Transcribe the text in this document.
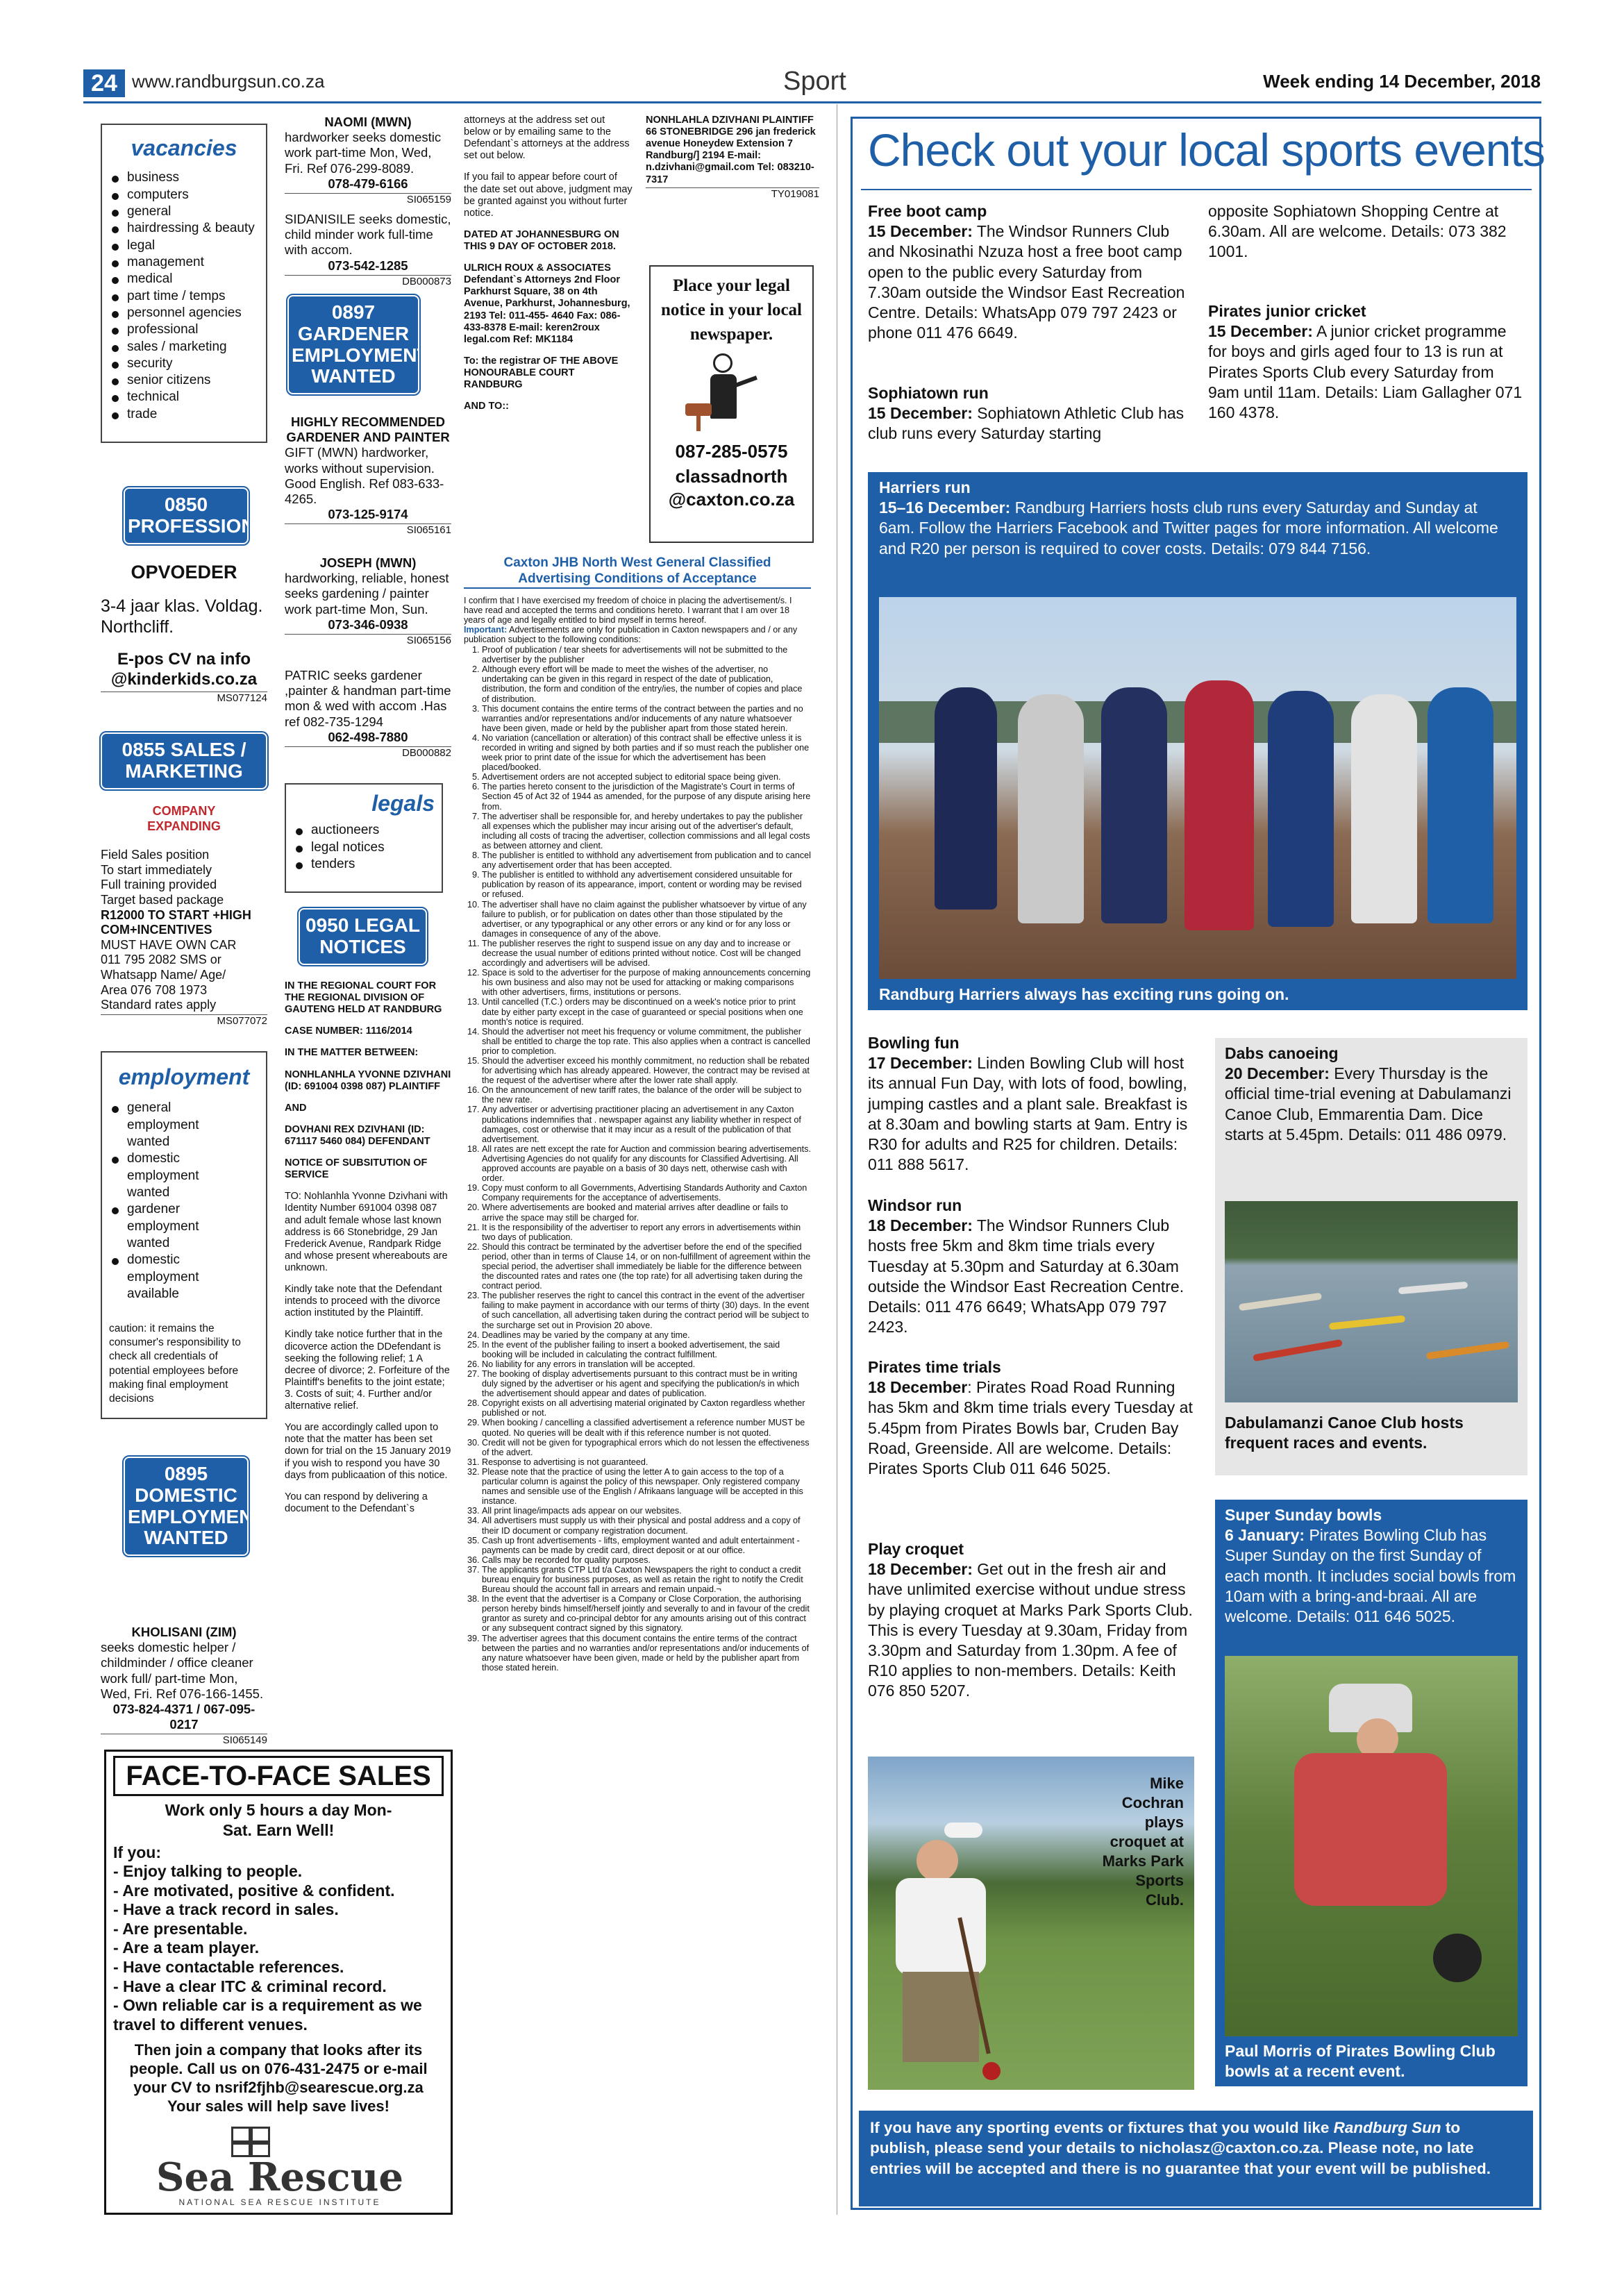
24 www.randburgsun.co.za	Sport	Week ending 14 December, 2018
vacancies
business
computers
general
hairdressing & beauty
legal
management
medical
part time / temps
personnel agencies
professional
sales / marketing
security
senior citizens
technical
trade
0850 PROFESSIONAL
OPVOEDER
3-4 jaar klas. Voldag. Northcliff.
E-pos CV na info @kinderkids.co.za
MS077124
0855 SALES / MARKETING
COMPANY EXPANDING
Field Sales position
To start immediately
Full training provided
Target based package
R12000 TO START +HIGH COM+INCENTIVES
MUST HAVE OWN CAR
011 795 2082 SMS or
Whatsapp Name/ Age/
Area 076 708 1973
Standard rates apply
MS077072
employment
general employment wanted
domestic employment wanted
gardener employment wanted
domestic employment available
caution: it remains the consumer's responsibility to check all credentials of potential employees before making final employment decisions
0895 DOMESTIC EMPLOYMENT WANTED
KHOLISANI (ZIM)
seeks domestic helper / childminder / office cleaner work full/ part-time Mon, Wed, Fri. Ref 076-166-1455.
073-824-4371 / 067-095-0217
SI065149
FACE-TO-FACE SALES
Work only 5 hours a day Mon-Sat. Earn Well!
If you:
- Enjoy talking to people.
- Are motivated, positive & confident.
- Have a track record in sales.
- Are presentable.
- Are a team player.
- Have contactable references.
- Have a clear ITC & criminal record.
- Own reliable car is a requirement as we travel to different venues.
Then join a company that looks after its people. Call us on 076-431-2475 or e-mail your CV to nsrif2fjhb@searescue.org.za
Your sales will help save lives!
Sea Rescue
NATIONAL SEA RESCUE INSTITUTE
NAOMI (MWN)
hardworker seeks domestic work part-time Mon, Wed, Fri. Ref 076-299-8089.
078-479-6166
SI065159
SIDANISILE seeks domestic, child minder work full-time with accom.
073-542-1285
DB000873
0897 GARDENER EMPLOYMENT WANTED
HIGHLY RECOMMENDED GARDENER AND PAINTER
GIFT (MWN) hardworker, works without supervision. Good English. Ref 083-633-4265.
073-125-9174
SI065161
JOSEPH (MWN)
hardworking, reliable, honest seeks gardening / painter work part-time Mon, Sun.
073-346-0938
SI065156
PATRIC seeks gardener ,painter & handman part-time mon & wed with accom .Has ref 082-735-1294
062-498-7880
DB000882
legals
auctioneers
legal notices
tenders
0950 LEGAL NOTICES
IN THE REGIONAL COURT FOR THE REGIONAL DIVISION OF GAUTENG HELD AT RANDBURG
CASE NUMBER: 1116/2014
IN THE MATTER BETWEEN:
NONHLANHLA YVONNE DZIVHANI (ID: 691004 0398 087) PLAINTIFF
AND
DOVHANI REX DZIVHANI (ID: 671117 5460 084) DEFENDANT
NOTICE OF SUBSITUTION OF SERVICE
TO: Nohlanhla Yvonne Dzivhani with Identity Number 691004 0398 087 and adult female whose last known address is 66 Stonebridge, 29 Jan Frederick Avenue, Randpark Ridge and whose present whereabouts are unknown.
Kindly take note that the Defendant intends to proceed with the divorce action instituted by the Plaintiff.
Kindly take notice further that in the dicoverce action the DDefendant is seeking the following relief; 1 A decree of divorce; 2. Forfeiture of the Plaintiff's benefits to the joint estate; 3. Costs of suit; 4. Further and/or alternative relief.
You are accordingly called upon to note that the matter has been set down for trial on the 15 January 2019 if you wish to respond you have 30 days from publicaation of this notice.
You can respond by delivering a document to the Defendant`s
attorneys at the address set out below or by emailing same to the Defendant`s attorneys at the address set out below.
If you fail to appear before court of the date set out above, judgment may be granted against you without furter notice.
DATED AT JOHANNESBURG ON THIS 9 DAY OF OCTOBER 2018.
ULRICH ROUX & ASSOCIATES Defendant`s Attorneys 2nd Floor Parkhurst Square, 38 on 4th Avenue, Parkhurst, Johannesburg, 2193 Tel: 011-455- 4640 Fax: 086-433-8378 E-mail: keren2roux legal.com Ref: MK1184
To: the registrar OF THE ABOVE HONOURABLE COURT RANDBURG
AND TO::
NONHLAHLA DZIVHANI PLAINTIFF 66 STONEBRIDGE 296 jan frederick avenue Honeydew Extension 7 Randburg/] 2194 E-mail: n.dzivhani@gmail.com Tel: 083210-7317
TY019081
Place your legal notice in your local newspaper.
087-285-0575
classadnorth @caxton.co.za
Caxton JHB North West General Classified Advertising Conditions of Acceptance
I confirm that I have exercised my freedom of choice in placing the advertisement/s. I have read and accepted the terms and conditions hereto. I warrant that I am over 18 years of age and legally entitled to bind myself in terms hereof.
Important: Advertisements are only for publication in Caxton newspapers and / or any publication subject to the following conditions:
1. Proof of publication / tear sheets for advertisements will not be submitted to the advertiser by the publisher
2. Although every effort will be made to meet the wishes of the advertiser, no undertaking can be given in this regard in respect of the date of publication, distribution, the form and condition of the entry/ies, the number of copies and place of distribution.
3. This document contains the entire terms of the contract between the parties and no warranties and/or representations and/or inducements of any nature whatsoever have been given, made or held by the publisher apart from those stated herein.
4. No variation (cancellation or alteration) of this contract shall be effective unless it is recorded in writing and signed by both parties and if so must reach the publisher one week prior to print date of the issue for which the advertisement has been placed/booked.
5. Advertisement orders are not accepted subject to editorial space being given.
6. The parties hereto consent to the jurisdiction of the Magistrate's Court in terms of Section 45 of Act 32 of 1944 as amended, for the purpose of any dispute arising here from.
7. The advertiser shall be responsible for, and hereby undertakes to pay the publisher all expenses which the publisher may incur arising out of the advertiser's default, including all costs of tracing the advertiser, collection commissions and all legal costs as between attorney and client.
8. The publisher is entitled to withhold any advertisement from publication and to cancel any advertisement order that has been accepted.
9. The publisher is entitled to withhold any advertisement considered unsuitable for publication by reason of its appearance, import, content or wording may be revised or refused.
10. The advertiser shall have no claim against the publisher whatsoever by virtue of any failure to publish, or for publication on dates other than those stipulated by the advertiser, or any typographical or any other errors or any kind or for any loss or damages in consequence of any of the above.
11. The publisher reserves the right to suspend issue on any day and to increase or decrease the usual number of editions printed without notice. Cost will be changed accordingly and advertisers will be advised.
12. Space is sold to the advertiser for the purpose of making announcements concerning his own business and also may not be used for attacking or making comparisons with other advertisers, firms, institutions or persons.
13. Until cancelled (T.C.) orders may be discontinued on a week's notice prior to print date by either party except in the case of guaranteed or special positions when one month's notice is required.
14. Should the advertiser not meet his frequency or volume commitment, the publisher shall be entitled to charge the top rate. This also applies when a contract is cancelled prior to completion.
15. Should the advertiser exceed his monthly commitment, no reduction shall be rebated for advertising which has already appeared. However, the contract may be revised at the request of the advertiser where after the lower rate shall apply.
16. On the announcement of new tariff rates, the balance of the order will be subject to the new rate.
17. Any advertiser or advertising practitioner placing an advertisement in any Caxton publications indemnifies that . newspaper against any liability whether in respect of damages, cost or otherwise that it may incur as a result of the publication of that advertisement.
18. All rates are nett except the rate for Auction and commission bearing advertisements. Advertising Agencies do not qualify for any discounts for Classified Advertising. All approved accounts are payable on a basis of 30 days nett, otherwise cash with order.
19. Copy must conform to all Governments, Advertising Standards Authority and Caxton Company requirements for the acceptance of advertisements.
20. Where advertisements are booked and material arrives after deadline or fails to arrive the space may still be charged for.
21. It is the responsibility of the advertiser to report any errors in advertisements within two days of publication.
22. Should this contract be terminated by the advertiser before the end of the specified period, other than in terms of Clause 14, or on non-fulfillment of agreement within the special period, the advertiser shall immediately be liable for the difference between the discounted rates and rates one (the top rate) for all advertising taken during the contract period.
23. The publisher reserves the right to cancel this contract in the event of the advertiser failing to make payment in accordance with our terms of thirty (30) days. In the event of such cancellation, all advertising taken during the contract period will be subject to the surcharge set out in Provision 20 above.
24. Deadlines may be varied by the company at any time.
25. In the event of the publisher failing to insert a booked advertisement, the said booking will be included in calculating the contract fulfillment.
26. No liability for any errors in translation will be accepted.
27. The booking of display advertisements pursuant to this contract must be in writing duly signed by the advertiser or his agent and specifying the publication/s in which the advertisement should appear and dates of publication.
28. Copyright exists on all advertising material originated by Caxton regardless whether published or not.
29. When booking / cancelling a classified advertisement a reference number MUST be quoted. No queries will be dealt with if this reference number is not quoted.
30. Credit will not be given for typographical errors which do not lessen the effectiveness of the advert.
31. Response to advertising is not guaranteed.
32. Please note that the practice of using the letter A to gain access to the top of a particular column is against the policy of this newspaper. Only registered company names and sensible use of the English / Afrikaans language will be accepted in this instance.
33. All print linage/impacts ads appear on our websites.
34. All advertisers must supply us with their physical and postal address and a copy of their ID document or company registration document.
35. Cash up front advertisements - lifts, employment wanted and adult entertainment - payments can be made by credit card, direct deposit or at our office.
36. Calls may be recorded for quality purposes.
37. The applicants grants CTP Ltd t/a Caxton Newspapers the right to conduct a credit bureau enquiry for business purposes, as well as retain the right to notify the Credit Bureau should the account fall in arrears and remain unpaid.¬
38. In the event that the advertiser is a Company or Close Corporation, the authorising person hereby binds himself/herself jointly and severally to and in favour of the credit grantor as surety and co-principal debtor for any amounts arising out of this contract or any subsequent contract signed by this signatory.
39. The advertiser agrees that this document contains the entire terms of the contract between the parties and no warranties and/or representations and/or inducements of any nature whatsoever have been given, made or held by the publisher apart from those stated herein.
Check out your local sports events
Free boot camp
15 December: The Windsor Runners Club and Nkosinathi Nzuza host a free boot camp open to the public every Saturday from 7.30am outside the Windsor East Recreation Centre. Details: WhatsApp 079 797 2423 or phone 011 476 6649.
Sophiatown run
15 December: Sophiatown Athletic Club has club runs every Saturday starting
opposite Sophiatown Shopping Centre at 6.30am. All are welcome. Details: 073 382 1001.
Pirates junior cricket
15 December: A junior cricket programme for boys and girls aged four to 13 is run at Pirates Sports Club every Saturday from 9am until 11am. Details: Liam Gallagher 071 160 4378.
Harriers run
15–16 December: Randburg Harriers hosts club runs every Saturday and Sunday at 6am. Follow the Harriers Facebook and Twitter pages for more information. All welcome and R20 per person is required to cover costs. Details: 079 844 7156.
Randburg Harriers always has exciting runs going on.
Bowling fun
17 December: Linden Bowling Club will host its annual Fun Day, with lots of food, bowling, jumping castles and a plant sale. Breakfast is at 8.30am and bowling starts at 9am. Entry is R30 for adults and R25 for children. Details: 011 888 5617.
Windsor run
18 December: The Windsor Runners Club hosts free 5km and 8km time trials every Tuesday at 5.30pm and Saturday at 6.30am outside the Windsor East Recreation Centre. Details: 011 476 6649; WhatsApp 079 797 2423.
Pirates time trials
18 December: Pirates Road Road Running has 5km and 8km time trials every Tuesday at 5.45pm from Pirates Bowls bar, Cruden Bay Road, Greenside. All are welcome. Details: Pirates Sports Club 011 646 5025.
Play croquet
18 December: Get out in the fresh air and have unlimited exercise without undue stress by playing croquet at Marks Park Sports Club. This is every Tuesday at 9.30am, Friday from 3.30pm and Saturday from 1.30pm. A fee of R10 applies to non-members. Details: Keith 076 850 5207.
Dabs canoeing
20 December: Every Thursday is the official time-trial evening at Dabulamanzi Canoe Club, Emmarentia Dam. Dice starts at 5.45pm. Details: 011 486 0979.
Dabulamanzi Canoe Club hosts frequent races and events.
Super Sunday bowls
6 January: Pirates Bowling Club has Super Sunday on the first Sunday of each month. It includes social bowls from 10am with a bring-and-braai. All are welcome. Details: 011 646 5025.
Paul Morris of Pirates Bowling Club bowls at a recent event.
Mike Cochran plays croquet at Marks Park Sports Club.
If you have any sporting events or fixtures that you would like Randburg Sun to publish, please send your details to nicholasz@caxton.co.za. Please note, no late entries will be accepted and there is no guarantee that your event will be published.
